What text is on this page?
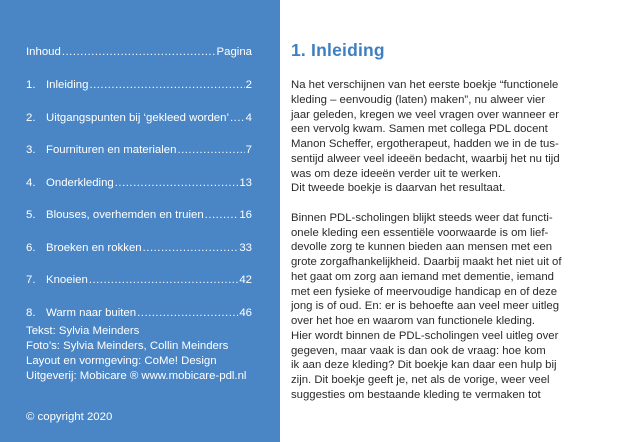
Inhoud .....	Pagina
1. Inleiding .....	2
2. Uitgangspunten bij ‘gekleed worden’ ..... 4
3. Fournituren en materialen .....	7
4. Onderkleding .....	13
5. Blouses, overhemden en truien .....	16
6. Broeken en rokken .....	33
7. Knoeien .....	42
8. Warm naar buiten .....	46
Tekst: Sylvia Meinders
Foto’s: Sylvia Meinders, Collin Meinders
Layout en vormgeving: CoMe! Design
Uitgeverij: Mobicare ® www.mobicare-pdl.nl
© copyright 2020
1. Inleiding
Na het verschijnen van het eerste boekje “functionele
kleding – eenvoudig (laten) maken”, nu alweer vier
jaar geleden, kregen we veel vragen over wanneer er
een vervolg kwam. Samen met collega PDL docent
Manon Scheffer, ergotherapeut, hadden we in de tus-
sentijd alweer veel ideeën bedacht, waarbij het nu tijd
was om deze ideeën verder uit te werken.
Dit tweede boekje is daarvan het resultaat.
Binnen PDL-scholingen blijkt steeds weer dat functi-
onele kleding een essentiële voorwaarde is om lief-
devolle zorg te kunnen bieden aan mensen met een
grote zorgafhankelijkheid. Daarbij maakt het niet uit of
het gaat om zorg aan iemand met dementie, iemand
met een fysieke of meervoudige handicap en of deze
jong is of oud. En: er is behoefte aan veel meer uitleg
over het hoe en waarom van functionele kleding.
Hier wordt binnen de PDL-scholingen veel uitleg over
gegeven, maar vaak is dan ook de vraag: hoe kom
ik aan deze kleding? Dit boekje kan daar een hulp bij
zijn. Dit boekje geeft je, net als de vorige, weer veel
suggesties om bestaande kleding te vermaken tot
